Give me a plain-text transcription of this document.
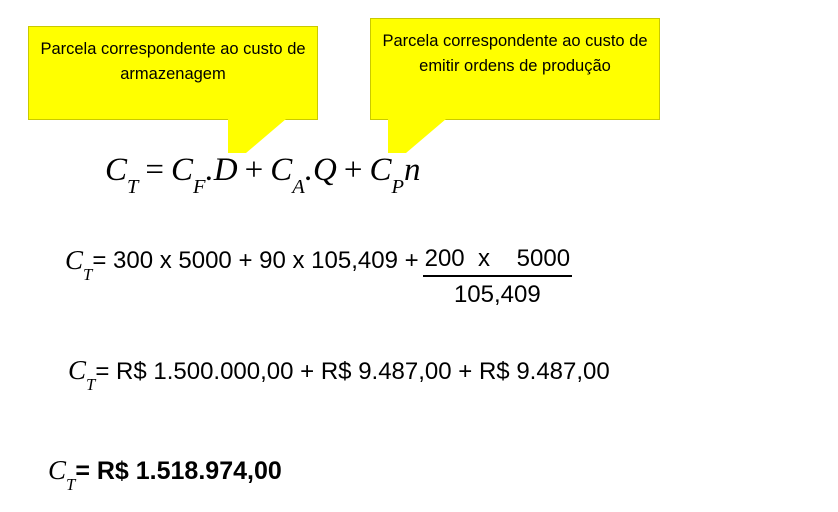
Parcela correspondente ao custo de armazenagem
Parcela correspondente ao custo de emitir ordens de produção
$C_T = C_F.D + C_A.Q + C_Pn$
$C_T$
= 300 x 5000 + 90 x $105,409 + \frac{200 x 5000}{105,409}$
$C_T=$ R$ 1.500.000,00 + R$ 9.487,00 + R$ 9.487,00
$C_T=$ R$ 1.518.974,00
